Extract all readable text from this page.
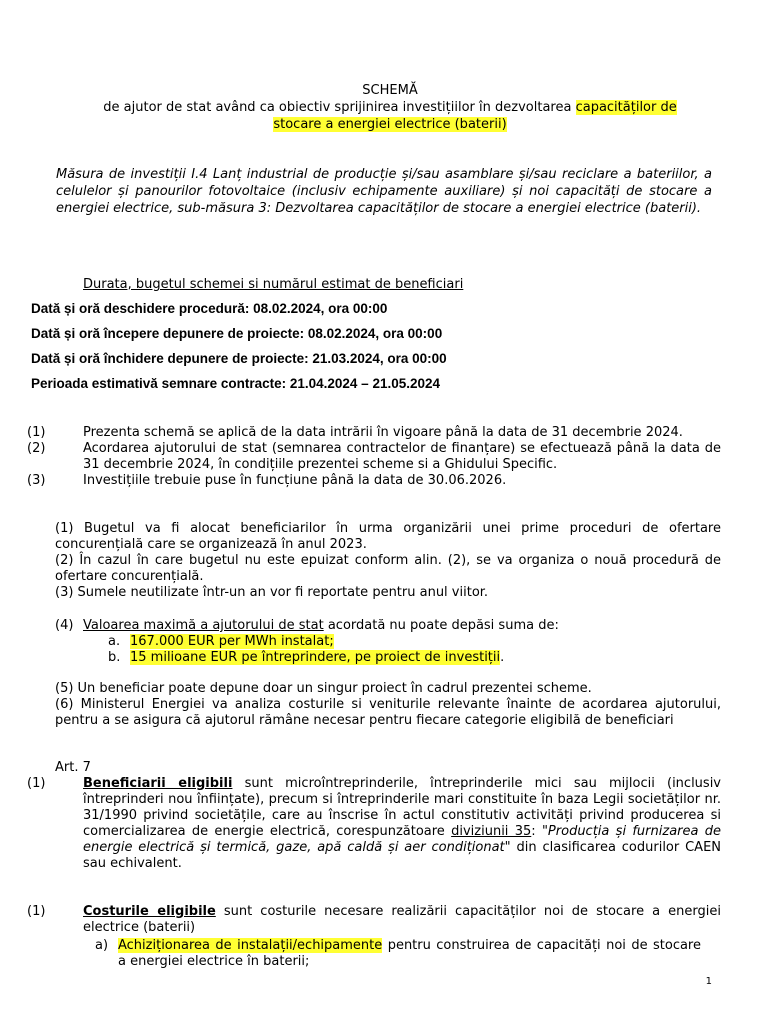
SCHEMĂ
de ajutor de stat având ca obiectiv sprijinirea investițiilor în dezvoltarea capacităților de
stocare a energiei electrice (baterii)
Măsura de investiții I.4 Lanț industrial de producție și/sau asamblare și/sau reciclare a bateriilor, a celulelor și panourilor fotovoltaice (inclusiv echipamente auxiliare) și noi capacități de stocare a energiei electrice, sub-măsura 3: Dezvoltarea capacităților de stocare a energiei electrice (baterii).
Durata, bugetul schemei si numărul estimat de beneficiari
Dată și oră deschidere procedură: 08.02.2024, ora 00:00
Dată și oră începere depunere de proiecte: 08.02.2024, ora 00:00
Dată și oră închidere depunere de proiecte: 21.03.2024, ora 00:00
Perioada estimativă semnare contracte: 21.04.2024 – 21.05.2024
(1)	Prezenta schemă se aplică de la data intrării în vigoare până la data de 31 decembrie 2024.
(2)	Acordarea ajutorului de stat (semnarea contractelor de finanțare) se efectuează până la data de 31 decembrie 2024, în condițiile prezentei scheme si a Ghidului Specific.
(3)	Investițiile trebuie puse în funcțiune până la data de 30.06.2026.
(1) Bugetul va fi alocat beneficiarilor în urma organizării unei prime proceduri de ofertare concurențială care se organizează în anul 2023.
(2) În cazul în care bugetul nu este epuizat conform alin. (2), se va organiza o nouă procedură de ofertare concurențială.
(3) Sumele neutilizate într-un an vor fi reportate pentru anul viitor.
(4) Valoarea maximă a ajutorului de stat acordată nu poate depăsi suma de:
a. 167.000 EUR per MWh instalat;
b. 15 milioane EUR pe întreprindere, pe proiect de investiții.
(5) Un beneficiar poate depune doar un singur proiect în cadrul prezentei scheme.
(6) Ministerul Energiei va analiza costurile si veniturile relevante înainte de acordarea ajutorului, pentru a se asigura că ajutorul rămâne necesar pentru fiecare categorie eligibilă de beneficiari
Art. 7
(1)	Beneficiarii eligibili sunt microîntreprinderile, întreprinderile mici sau mijlocii (inclusiv întreprinderi nou înființate), precum si întreprinderile mari constituite în baza Legii societăților nr. 31/1990 privind societățile, care au înscrise în actul constitutiv activități privind producerea si comercializarea de energie electrică, corespunzătoare diviziunii 35: "Producția și furnizarea de energie electrică și termică, gaze, apă caldă și aer condiționat" din clasificarea codurilor CAEN sau echivalent.
(1)	Costurile eligibile sunt costurile necesare realizării capacităților noi de stocare a energiei electrice (baterii)
a) Achiziționarea de instalații/echipamente pentru construirea de capacități noi de stocare a energiei electrice în baterii;
1
